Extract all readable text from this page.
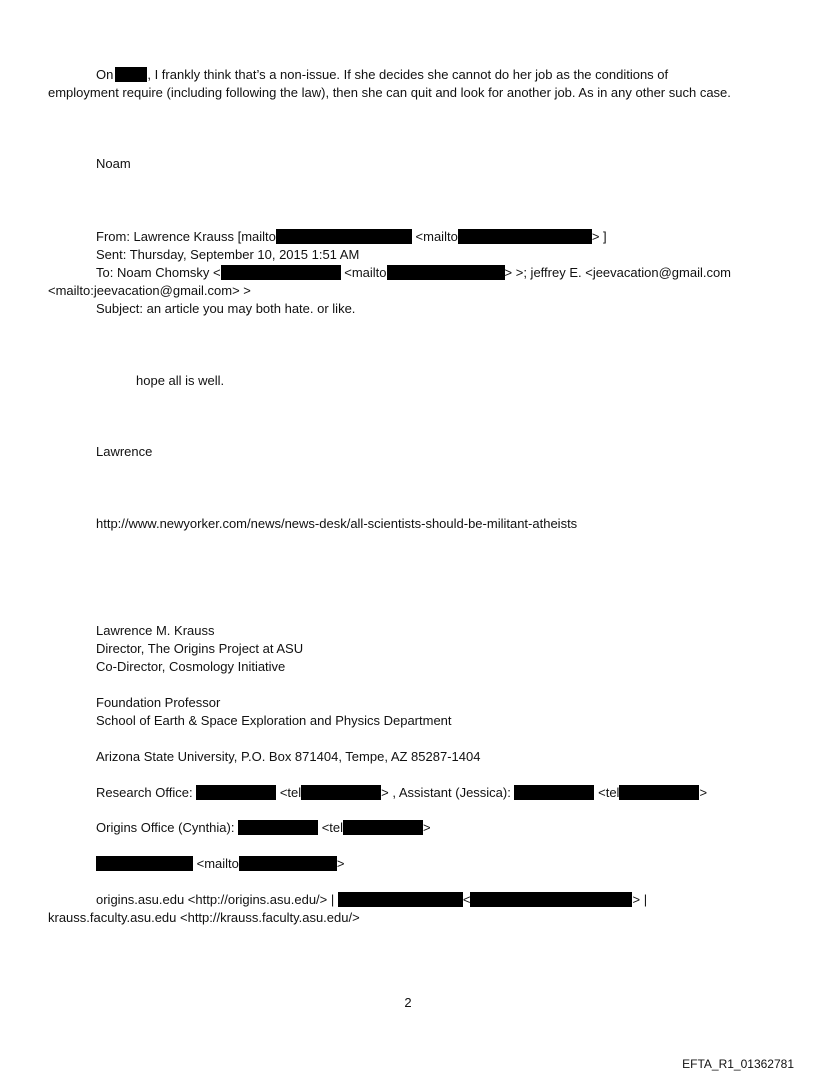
On	, I frankly think that’s a non-issue. If she decides she cannot do her job as the conditions of
employment require (including following the law), then she can quit and look for another job. As in any other such case.
Noam
From: Lawrence Krauss [mailto	<mailto	> ]
Sent: Thursday, September 10, 2015 1:51 AM
To: Noam Chomsky <	<mailto	> >; jeffrey E. <jeevacation@gmail.com
<mailto:jeevacation@gmail.com> >
Subject: an article you may both hate. or like.
hope all is well.
Lawrence
http://www.newyorker.com/news/news-desk/all-scientists-should-be-militant-atheists
Lawrence M. Krauss
Director, The Origins Project at ASU
Co-Director, Cosmology Initiative
Foundation Professor
School of Earth & Space Exploration and Physics Department
Arizona State University, P.O. Box 871404, Tempe, AZ 85287-1404
Research Office:	<tel	> , Assistant (Jessica):	<tel	>
Origins Office (Cynthia):	<tel	>
<mailto	>
origins.asu.edu <http://origins.asu.edu/> |	<	> |
krauss.faculty.asu.edu <http://krauss.faculty.asu.edu/>
2
EFTA_R1_01362781
